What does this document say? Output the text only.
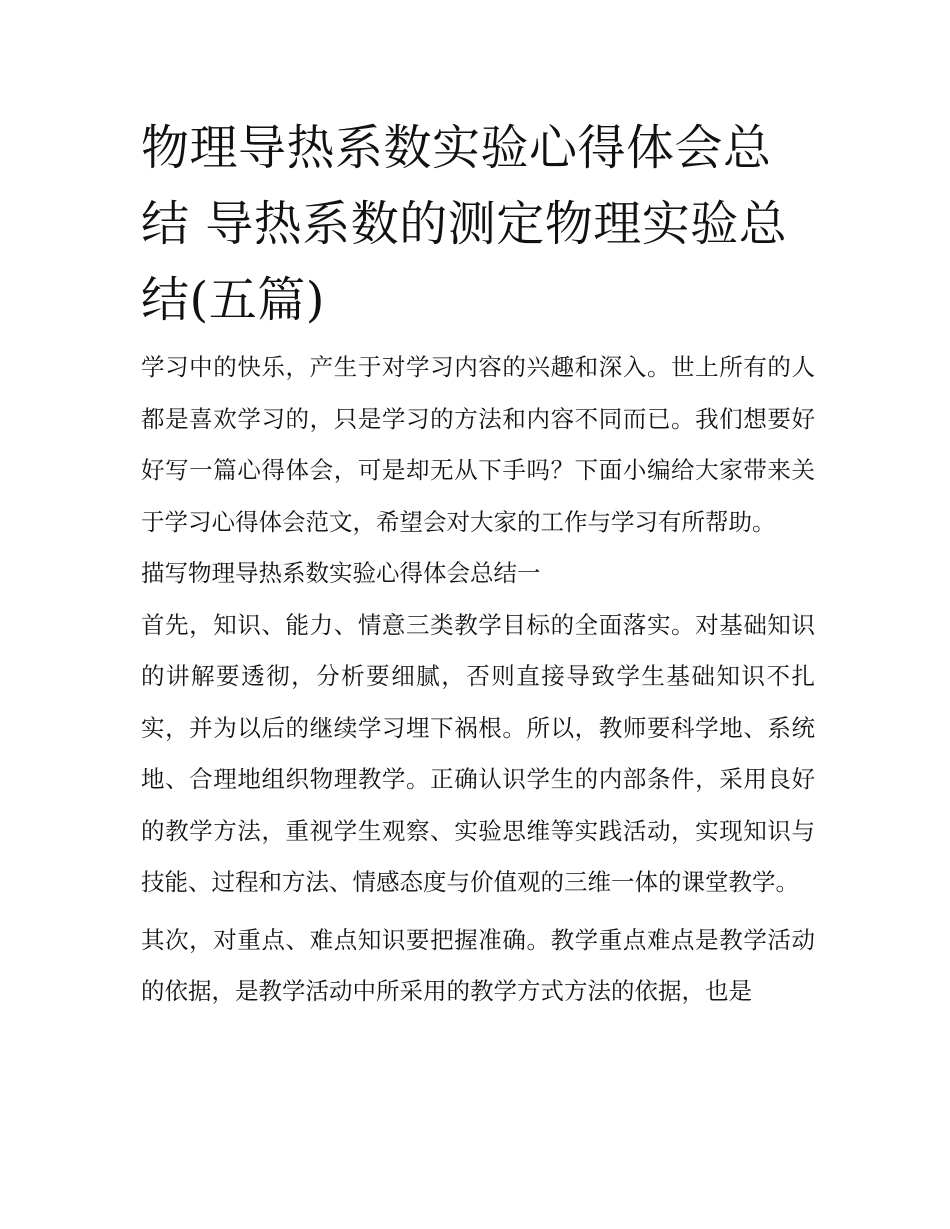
物理导热系数实验心得体会总结 导热系数的测定物理实验总结(五篇)

学习中的快乐，产生于对学习内容的兴趣和深入。世上所有的人都是喜欢学习的，只是学习的方法和内容不同而已。我们想要好好写一篇心得体会，可是却无从下手吗？下面小编给大家带来关于学习心得体会范文，希望会对大家的工作与学习有所帮助。

描写物理导热系数实验心得体会总结一

首先，知识、能力、情意三类教学目标的全面落实。对基础知识的讲解要透彻，分析要细腻，否则直接导致学生基础知识不扎实，并为以后的继续学习埋下祸根。所以，教师要科学地、系统地、合理地组织物理教学。正确认识学生的内部条件，采用良好的教学方法，重视学生观察、实验思维等实践活动，实现知识与技能、过程和方法、情感态度与价值观的三维一体的课堂教学。

其次，对重点、难点知识要把握准确。教学重点难点是教学活动的依据，是教学活动中所采用的教学方式方法的依据，也是
